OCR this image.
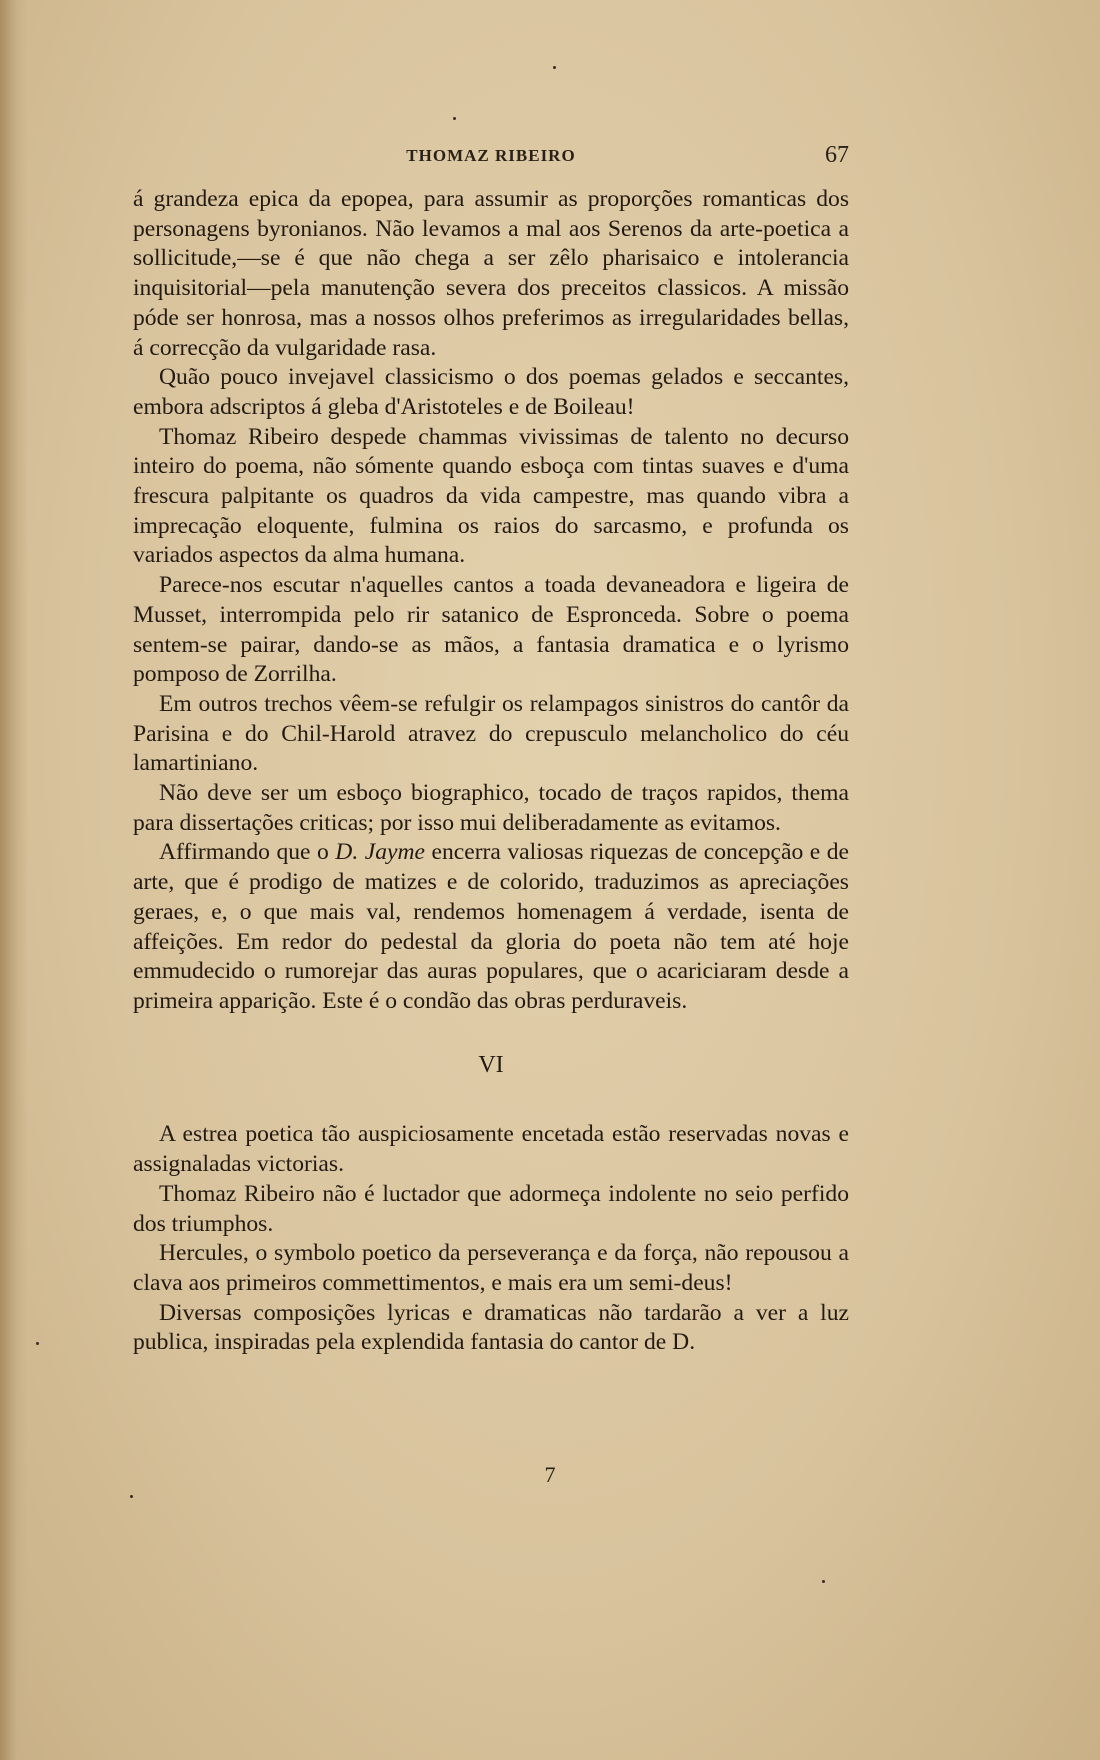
THOMAZ RIBEIRO	67

á grandeza epica da epopea, para assumir as proporções romanticas dos personagens byronianos. Não levamos a mal aos Serenos da arte-poetica a sollicitude,—se é que não chega a ser zêlo pharisaico e intolerancia inquisitorial—pela manutenção severa dos preceitos classicos. A missão póde ser honrosa, mas a nossos olhos preferimos as irregularidades bellas, á correcção da vulgaridade rasa.

Quão pouco invejavel classicismo o dos poemas gelados e seccantes, embora adscriptos á gleba d'Aristoteles e de Boileau!

Thomaz Ribeiro despede chammas vivissimas de talento no decurso inteiro do poema, não sómente quando esboça com tintas suaves e d'uma frescura palpitante os quadros da vida campestre, mas quando vibra a imprecação eloquente, fulmina os raios do sarcasmo, e profunda os variados aspectos da alma humana.

Parece-nos escutar n'aquelles cantos a toada devaneadora e ligeira de Musset, interrompida pelo rir satanico de Espronceda. Sobre o poema sentem-se pairar, dando-se as mãos, a fantasia dramatica e o lyrismo pomposo de Zorrilha.

Em outros trechos vêem-se refulgir os relampagos sinistros do cantôr da Parisina e do Chil-Harold atravez do crepusculo melancholico do céu lamartiniano.

Não deve ser um esboço biographico, tocado de traços rapidos, thema para dissertações criticas; por isso mui deliberadamente as evitamos.

Affirmando que o D. Jayme encerra valiosas riquezas de concepção e de arte, que é prodigo de matizes e de colorido, traduzimos as apreciações geraes, e, o que mais val, rendemos homenagem á verdade, isenta de affeições. Em redor do pedestal da gloria do poeta não tem até hoje emmudecido o rumorejar das auras populares, que o acariciaram desde a primeira apparição. Este é o condão das obras perduraveis.

VI

A estrea poetica tão auspiciosamente encetada estão reservadas novas e assignaladas victorias.

Thomaz Ribeiro não é luctador que adormeça indolente no seio perfido dos triumphos.

Hercules, o symbolo poetico da perseverança e da força, não repousou a clava aos primeiros commettimentos, e mais era um semi-deus!

Diversas composições lyricas e dramaticas não tardarão a ver a luz publica, inspiradas pela explendida fantasia do cantor de D.

7
